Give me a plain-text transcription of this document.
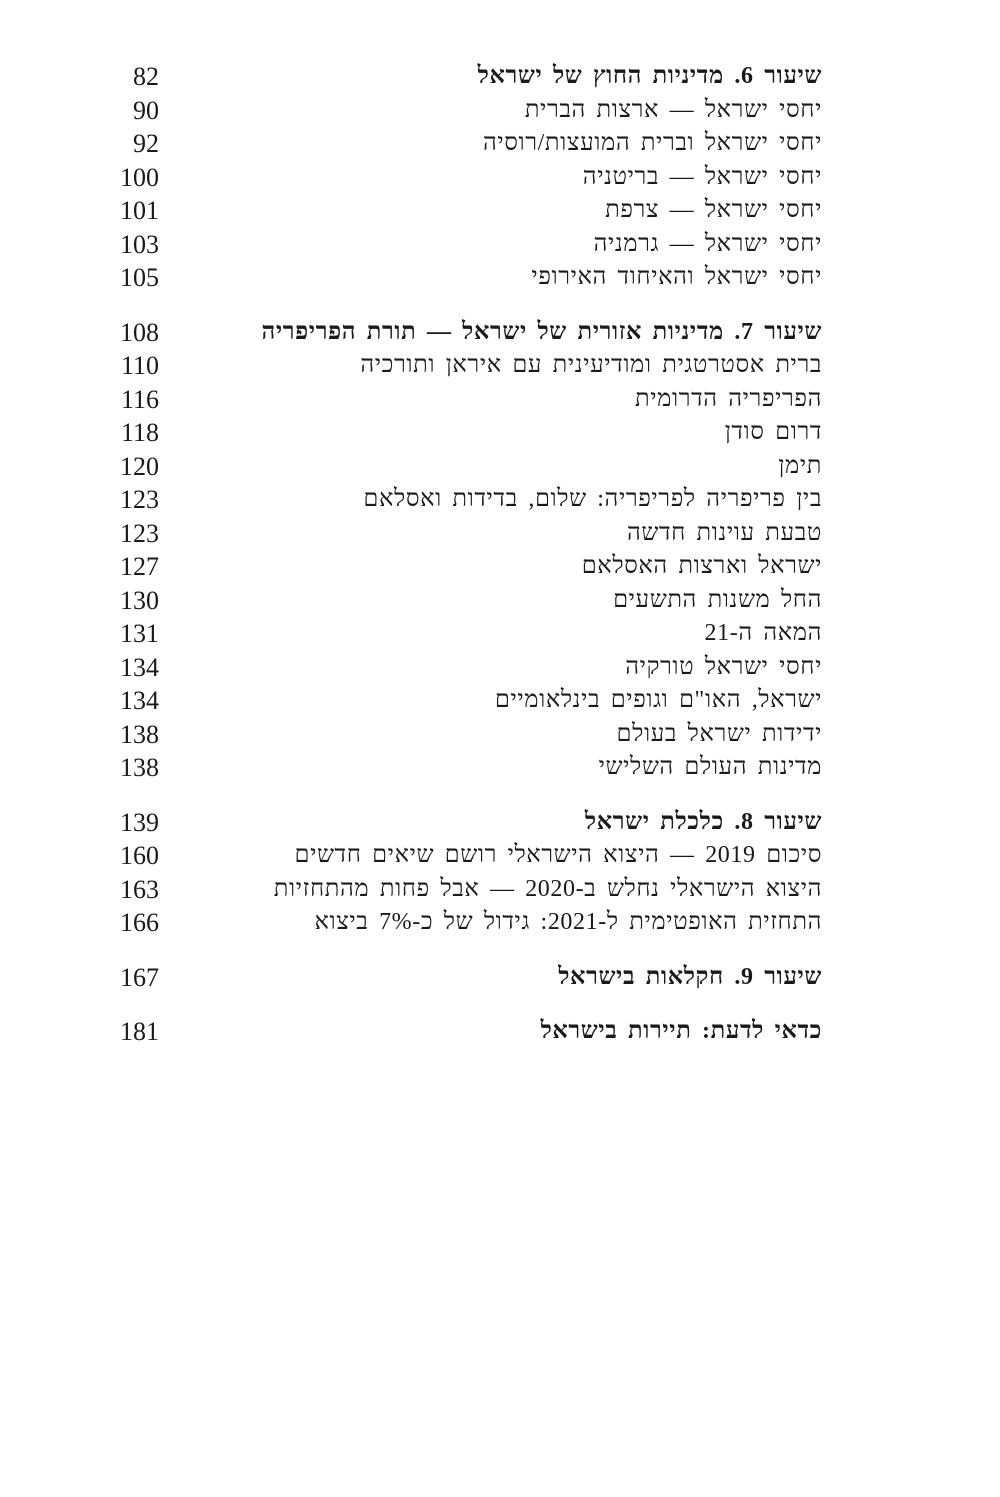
שיעור 6. מדיניות החוץ של ישראל
82
יחסי ישראל — ארצות הברית
90
יחסי ישראל וברית המועצות/רוסיה
92
יחסי ישראל — בריטניה
100
יחסי ישראל — צרפת
101
יחסי ישראל — גרמניה
103
יחסי ישראל והאיחוד האירופי
105
שיעור 7. מדיניות אזורית של ישראל — תורת הפריפריה
108
ברית אסטרטגית ומודיעינית עם איראן ותורכיה
110
הפריפריה הדרומית
116
דרום סודן
118
תימן
120
בין פריפריה לפריפריה: שלום, בדידות ואסלאם
123
טבעת עוינות חדשה
123
ישראל וארצות האסלאם
127
החל משנות התשעים
130
המאה ה-21
131
יחסי ישראל טורקיה
134
ישראל, האו"ם וגופים בינלאומיים
134
ידידות ישראל בעולם
138
מדינות העולם השלישי
138
שיעור 8. כלכלת ישראל
139
סיכום 2019 — היצוא הישראלי רושם שיאים חדשים
160
היצוא הישראלי נחלש ב-2020 — אבל פחות מהתחזיות
163
התחזית האופטימית ל-2021: גידול של כ-7% ביצוא
166
שיעור 9. חקלאות בישראל
167
כדאי לדעת: תיירות בישראל
181
